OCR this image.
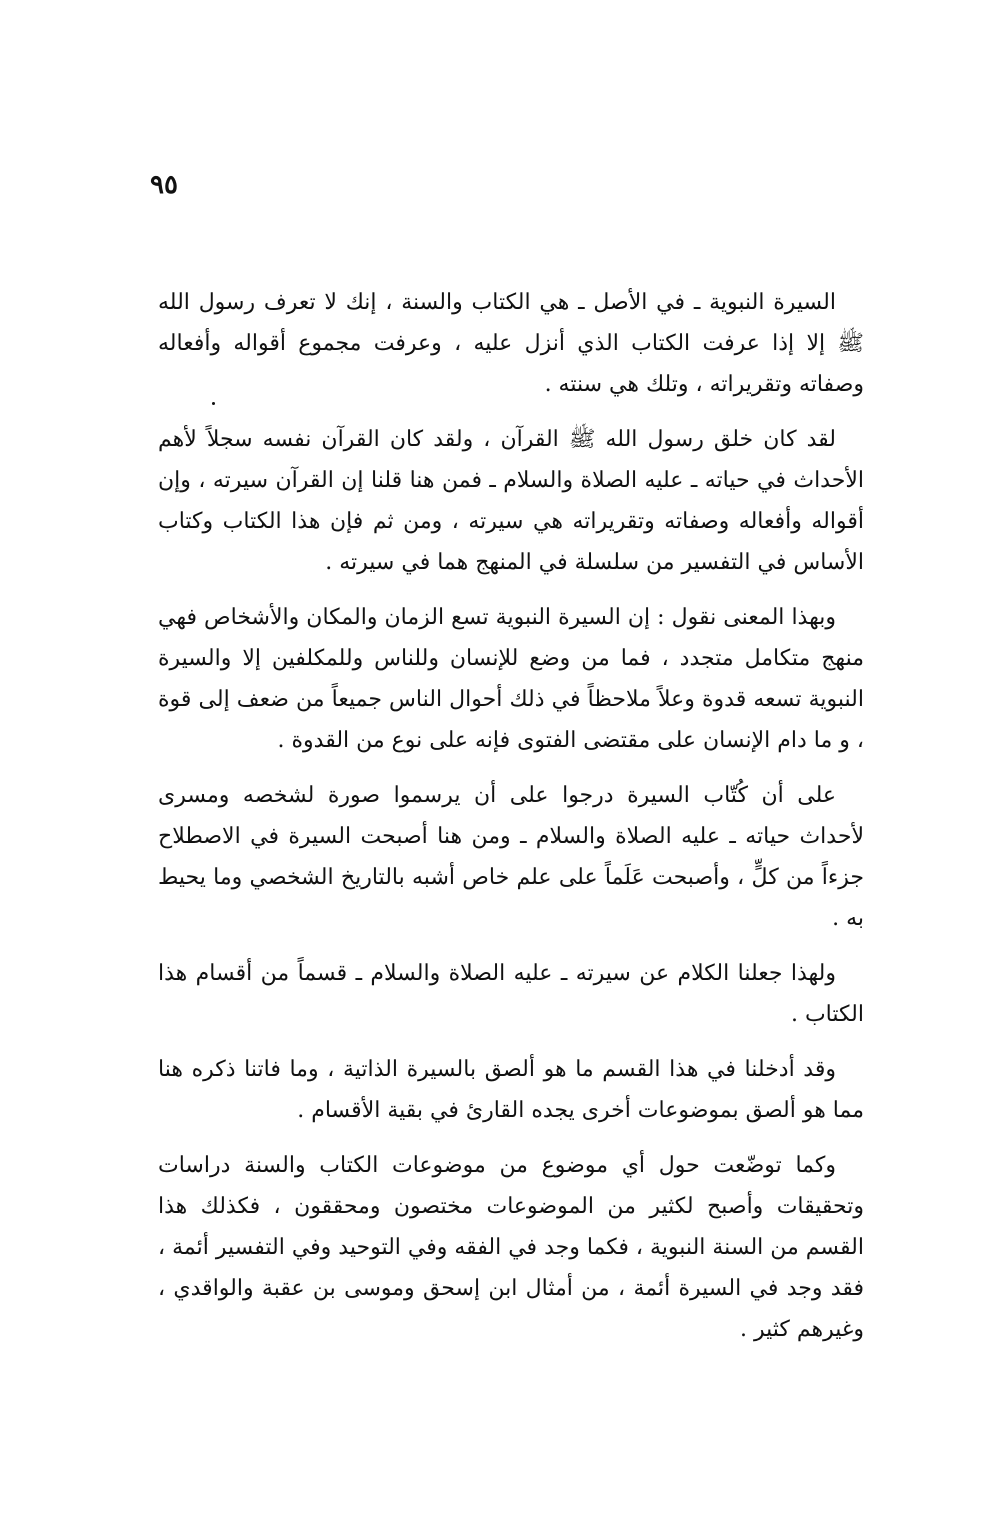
٩٥

السيرة النبوية ـ في الأصل ـ هي الكتاب والسنة ، إنك لا تعرف رسول الله ﷺ إلا إذا عرفت الكتاب الذي أنزل عليه ، وعرفت مجموع أقواله وأفعاله وصفاته وتقريراته ، وتلك هي سنته .

لقد كان خلق رسول الله ﷺ القرآن ، ولقد كان القرآن نفسه سجلاً لأهم الأحداث في حياته ـ عليه الصلاة والسلام ـ فمن هنا قلنا إن القرآن سيرته ، وإن أقواله وأفعاله وصفاته وتقريراته هي سيرته ، ومن ثم فإن هذا الكتاب وكتاب الأساس في التفسير من سلسلة في المنهج هما في سيرته .

وبهذا المعنى نقول : إن السيرة النبوية تسع الزمان والمكان والأشخاص فهي منهج متكامل متجدد ، فما من وضع للإنسان وللناس وللمكلفين إلا والسيرة النبوية تسعه قدوة وعلاً ملاحظاً في ذلك أحوال الناس جميعاً من ضعف إلى قوة ، و ما دام الإنسان على مقتضى الفتوى فإنه على نوع من القدوة .

على أن كُتّاب السيرة درجوا على أن يرسموا صورة لشخصه ومسرى لأحداث حياته ـ عليه الصلاة والسلام ـ ومن هنا أصبحت السيرة في الاصطلاح جزءاً من كلٍّ ، وأصبحت عَلَماً على علم خاص أشبه بالتاريخ الشخصي وما يحيط به .

ولهذا جعلنا الكلام عن سيرته ـ عليه الصلاة والسلام ـ قسماً من أقسام هذا الكتاب .

وقد أدخلنا في هذا القسم ما هو ألصق بالسيرة الذاتية ، وما فاتنا ذكره هنا مما هو ألصق بموضوعات أخرى يجده القارئ في بقية الأقسام .

وكما توضّعت حول أي موضوع من موضوعات الكتاب والسنة دراسات وتحقيقات وأصبح لكثير من الموضوعات مختصون ومحققون ، فكذلك هذا القسم من السنة النبوية ، فكما وجد في الفقه وفي التوحيد وفي التفسير أئمة ، فقد وجد في السيرة أئمة ، من أمثال ابن إسحق وموسى بن عقبة والواقدي ، وغيرهم كثير .
